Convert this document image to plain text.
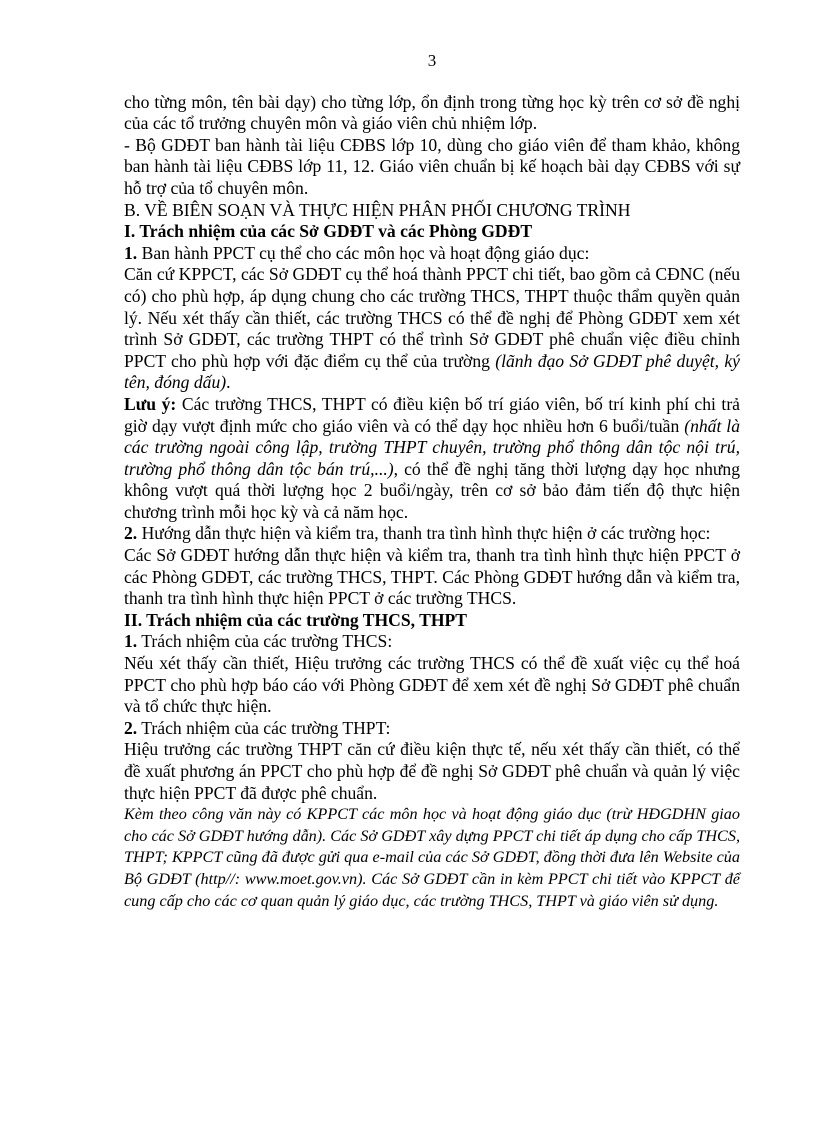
3

cho từng môn, tên bài dạy) cho từng lớp, ổn định trong từng học kỳ trên cơ sở đề nghị của các tổ trưởng chuyên môn và giáo viên chủ nhiệm lớp.

- Bộ GDĐT ban hành tài liệu CĐBS lớp 10, dùng cho giáo viên để tham khảo, không ban hành tài liệu CĐBS lớp 11, 12. Giáo viên chuẩn bị kế hoạch bài dạy CĐBS với sự hỗ trợ của tổ chuyên môn.

B. VỀ BIÊN SOẠN VÀ THỰC HIỆN PHÂN PHỐI CHƯƠNG TRÌNH

I. Trách nhiệm của các Sở GDĐT và các Phòng GDĐT

1. Ban hành PPCT cụ thể cho các môn học và hoạt động giáo dục:

Căn cứ KPPCT, các Sở GDĐT cụ thể hoá thành PPCT chi tiết, bao gồm cả CĐNC (nếu có) cho phù hợp, áp dụng chung cho các trường THCS, THPT thuộc thẩm quyền quản lý. Nếu xét thấy cần thiết, các trường THCS có thể đề nghị để Phòng GDĐT xem xét trình Sở GDĐT, các trường THPT có thể trình Sở GDĐT phê chuẩn việc điều chỉnh PPCT cho phù hợp với đặc điểm cụ thể của trường (lãnh đạo Sở GDĐT phê duyệt, ký tên, đóng dấu).

Lưu ý: Các trường THCS, THPT có điều kiện bố trí giáo viên, bố trí kinh phí chi trả giờ dạy vượt định mức cho giáo viên và có thể dạy học nhiều hơn 6 buổi/tuần (nhất là các trường ngoài công lập, trường THPT chuyên, trường phổ thông dân tộc nội trú, trường phổ thông dân tộc bán trú,...), có thể đề nghị tăng thời lượng dạy học nhưng không vượt quá thời lượng học 2 buổi/ngày, trên cơ sở bảo đảm tiến độ thực hiện chương trình mỗi học kỳ và cả năm học.

2. Hướng dẫn thực hiện và kiểm tra, thanh tra tình hình thực hiện ở các trường học:

Các Sở GDĐT hướng dẫn thực hiện và kiểm tra, thanh tra tình hình thực hiện PPCT ở các Phòng GDĐT, các trường THCS, THPT. Các Phòng GDĐT hướng dẫn và kiểm tra, thanh tra tình hình thực hiện PPCT ở các trường THCS.

II. Trách nhiệm của các trường THCS, THPT

1. Trách nhiệm của các trường THCS:

Nếu xét thấy cần thiết, Hiệu trưởng các trường THCS có thể đề xuất việc cụ thể hoá PPCT cho phù hợp báo cáo với Phòng GDĐT để xem xét đề nghị Sở GDĐT phê chuẩn và tổ chức thực hiện.

2. Trách nhiệm của các trường THPT:

Hiệu trưởng các trường THPT căn cứ điều kiện thực tế, nếu xét thấy cần thiết, có thể đề xuất phương án PPCT cho phù hợp để đề nghị Sở GDĐT phê chuẩn và quản lý việc thực hiện PPCT đã được phê chuẩn.

Kèm theo công văn này có KPPCT các môn học và hoạt động giáo dục (trừ HĐGDHN giao cho các Sở GDĐT hướng dẫn). Các Sở GDĐT xây dựng PPCT chi tiết áp dụng cho cấp THCS, THPT; KPPCT cũng đã được gửi qua e-mail của các Sở GDĐT, đồng thời đưa lên Website của Bộ GDĐT (http//: www.moet.gov.vn). Các Sở GDĐT cần in kèm PPCT chi tiết vào KPPCT để cung cấp cho các cơ quan quản lý giáo dục, các trường THCS, THPT và giáo viên sử dụng.
